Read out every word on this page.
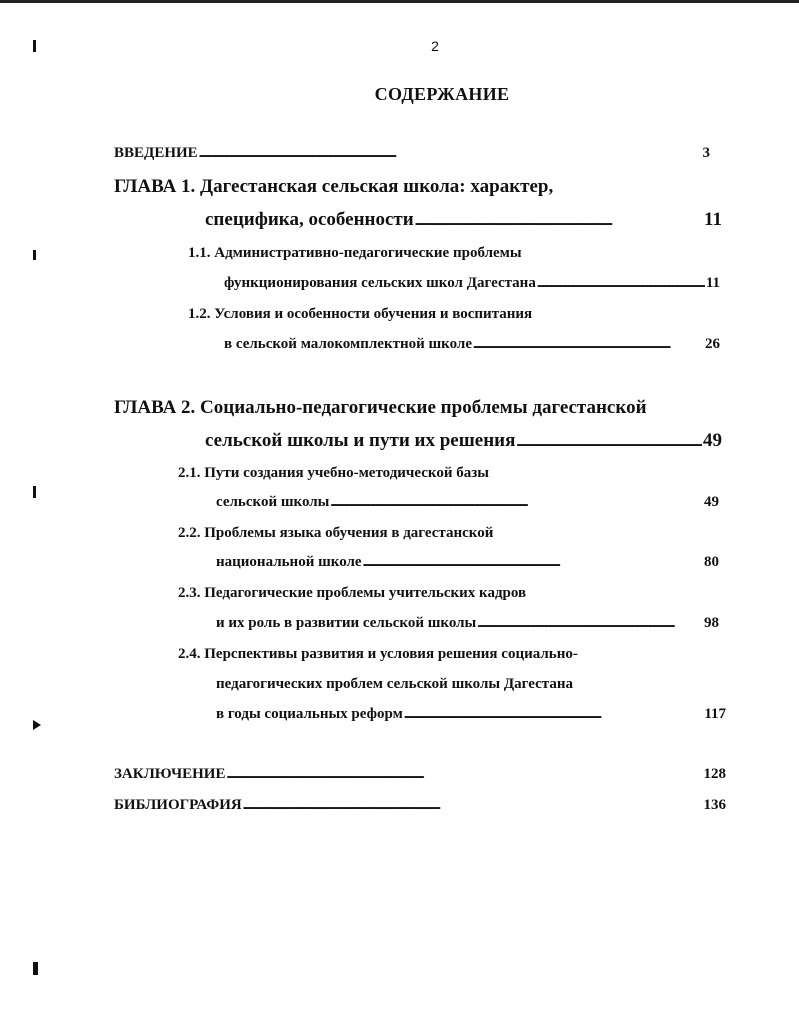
2
СОДЕРЖАНИЕ
ВВЕДЕНИЕ . . .	3
ГЛАВА 1. Дагестанская сельская школа: характер,
специфика, особенности . . .	11
1.1. Административно-педагогические проблемы
функционирования сельских школ Дагестана . . .	11
1.2. Условия и особенности обучения и воспитания
в сельской малокомплектной школе . . .	26
ГЛАВА 2. Социально-педагогические проблемы дагестанской
сельской школы и пути их решения . . .	49
2.1. Пути создания учебно-методической базы
сельской школы . . .	49
2.2. Проблемы языка обучения в дагестанской
национальной школе . . .	80
2.3. Педагогические проблемы учительских кадров
и их роль в развитии сельской школы . . .	98
2.4. Перспективы развития и условия решения социально-
педагогических проблем сельской школы Дагестана
в годы социальных реформ . . .	117
ЗАКЛЮЧЕНИЕ . . .	128
БИБЛИОГРАФИЯ . . .	136
